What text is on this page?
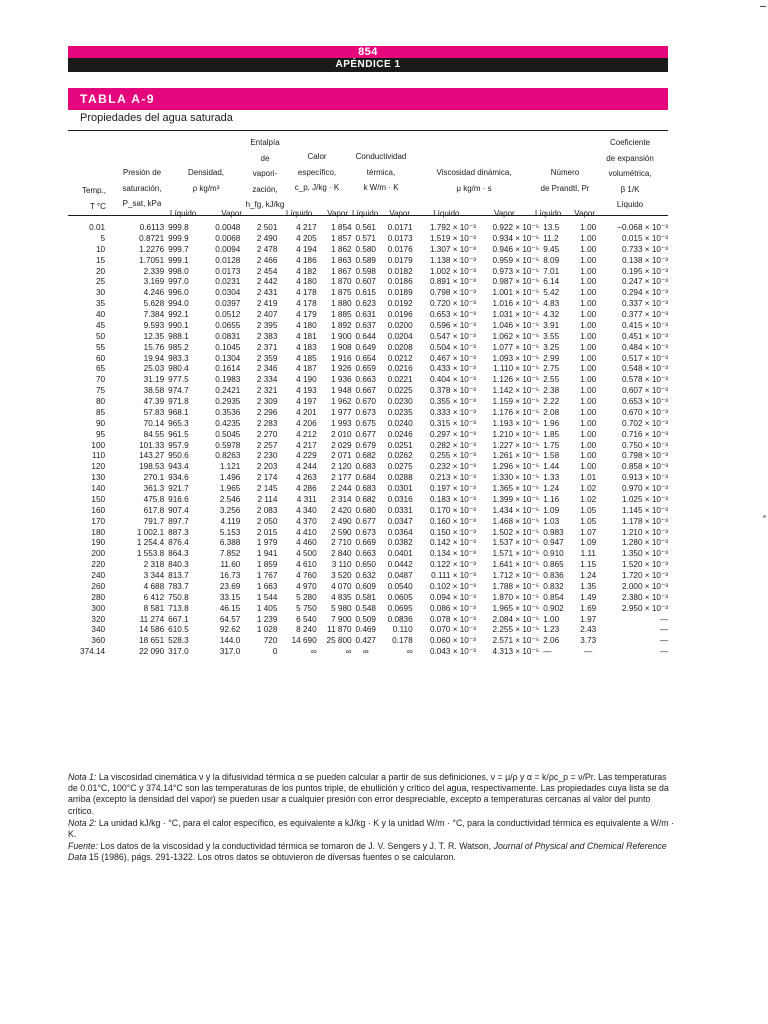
854
APÉNDICE 1
TABLA A-9
Propiedades del agua saturada
Temp.,
T °C
Presión de
saturación,
P_sat, kPa
Densidad,
ρ kg/m³
Líquido	Vapor
Entalpía
de
vapori-
zación,
h_fg, kJ/kg
Calor
específico,
c_p, J/kg · K
Líquido Vapor
Conductividad
térmica,
k W/m · K
Líquido Vapor
Viscosidad dinámica,
μ kg/m · s
Líquido	Vapor
Número
de Prandtl, Pr
Líquido Vapor
Coeficiente
de expansión
volumétrica,
β 1/K
Líquido
0.01	0.6113	999.8	0.0048	2 501	4 217	1 854	0.561	0.0171	1.792 × 10⁻³	0.922 × 10⁻⁵	13.5	1.00	−0.068 × 10⁻³
5	0.8721	999.9	0.0068	2 490	4 205	1 857	0.571	0.0173	1.519 × 10⁻³	0.934 × 10⁻⁵	11.2	1.00	0.015 × 10⁻³
10	1.2276	999.7	0.0094	2 478	4 194	1 862	0.580	0.0176	1.307 × 10⁻³	0.946 × 10⁻⁵	9.45	1.00	0.733 × 10⁻³
15	1.7051	999.1	0.0128	2 466	4 186	1 863	0.589	0.0179	1.138 × 10⁻³	0.959 × 10⁻⁵	8.09	1.00	0.138 × 10⁻³
20	2.339	998.0	0.0173	2 454	4 182	1 867	0.598	0.0182	1.002 × 10⁻³	0.973 × 10⁻⁵	7.01	1.00	0.195 × 10⁻³
25	3.169	997.0	0.0231	2 442	4 180	1 870	0.607	0.0186	0.891 × 10⁻³	0.987 × 10⁻⁵	6.14	1.00	0.247 × 10⁻³
30	4.246	996.0	0.0304	2 431	4 178	1 875	0.615	0.0189	0.798 × 10⁻³	1.001 × 10⁻⁵	5.42	1.00	0.294 × 10⁻³
35	5.628	994.0	0.0397	2 419	4 178	1 880	0.623	0.0192	0.720 × 10⁻³	1.016 × 10⁻⁵	4.83	1.00	0.337 × 10⁻³
40	7.384	992.1	0.0512	2 407	4 179	1 885	0.631	0.0196	0.653 × 10⁻³	1.031 × 10⁻⁵	4.32	1.00	0.377 × 10⁻³
45	9.593	990.1	0.0655	2 395	4 180	1 892	0.637	0.0200	0.596 × 10⁻³	1.046 × 10⁻⁵	3.91	1.00	0.415 × 10⁻³
50	12.35	988.1	0.0831	2 383	4 181	1 900	0.644	0.0204	0.547 × 10⁻³	1.062 × 10⁻⁵	3.55	1.00	0.451 × 10⁻³
55	15.76	985.2	0.1045	2 371	4 183	1 908	0.649	0.0208	0.504 × 10⁻³	1.077 × 10⁻⁵	3.25	1.00	0.484 × 10⁻³
60	19.94	983.3	0.1304	2 359	4 185	1 916	0.654	0.0212	0.467 × 10⁻³	1.093 × 10⁻⁵	2.99	1.00	0.517 × 10⁻³
65	25.03	980.4	0.1614	2 346	4 187	1 926	0.659	0.0216	0.433 × 10⁻³	1.110 × 10⁻⁵	2.75	1.00	0.548 × 10⁻³
70	31.19	977.5	0.1983	2 334	4 190	1 936	0.663	0.0221	0.404 × 10⁻³	1.126 × 10⁻⁵	2.55	1.00	0.578 × 10⁻³
75	38.58	974.7	0.2421	2 321	4 193	1 948	0.667	0.0225	0.378 × 10⁻³	1.142 × 10⁻⁵	2.38	1.00	0.607 × 10⁻³
80	47.39	971.8	0.2935	2 309	4 197	1 962	0.670	0.0230	0.355 × 10⁻³	1.159 × 10⁻⁵	2.22	1.00	0.653 × 10⁻³
85	57.83	968.1	0.3536	2 296	4 201	1 977	0.673	0.0235	0.333 × 10⁻³	1.176 × 10⁻⁵	2.08	1.00	0.670 × 10⁻³
90	70.14	965.3	0.4235	2 283	4 206	1 993	0.675	0.0240	0.315 × 10⁻³	1.193 × 10⁻⁵	1.96	1.00	0.702 × 10⁻³
95	84.55	961.5	0.5045	2 270	4 212	2 010	0.677	0.0246	0.297 × 10⁻³	1.210 × 10⁻⁵	1.85	1.00	0.716 × 10⁻³
100	101.33	957.9	0.5978	2 257	4 217	2 029	0.679	0.0251	0.282 × 10⁻³	1.227 × 10⁻⁵	1.75	1.00	0.750 × 10⁻³
110	143.27	950.6	0.8263	2 230	4 229	2 071	0.682	0.0262	0.255 × 10⁻³	1.261 × 10⁻⁵	1.58	1.00	0.798 × 10⁻³
120	198.53	943.4	1.121	2 203	4 244	2 120	0.683	0.0275	0.232 × 10⁻³	1.296 × 10⁻⁵	1.44	1.00	0.858 × 10⁻³
130	270.1	934.6	1.496	2 174	4 263	2 177	0.684	0.0288	0.213 × 10⁻³	1.330 × 10⁻⁵	1.33	1.01	0.913 × 10⁻³
140	361.3	921.7	1.965	2 145	4 286	2 244	0.683	0.0301	0.197 × 10⁻³	1.365 × 10⁻⁵	1.24	1.02	0.970 × 10⁻³
150	475.8	916.6	2.546	2 114	4 311	2 314	0.682	0.0316	0.183 × 10⁻³	1.399 × 10⁻⁵	1.16	1.02	1.025 × 10⁻³
160	617.8	907.4	3.256	2 083	4 340	2 420	0.680	0.0331	0.170 × 10⁻³	1.434 × 10⁻⁵	1.09	1.05	1.145 × 10⁻³
170	791.7	897.7	4.119	2 050	4 370	2 490	0.677	0.0347	0.160 × 10⁻³	1.468 × 10⁻⁵	1.03	1.05	1.178 × 10⁻³
180	1 002.1	887.3	5.153	2 015	4 410	2 590	0.673	0.0364	0.150 × 10⁻³	1.502 × 10⁻⁵	0.983	1.07	1.210 × 10⁻³
190	1 254.4	876.4	6.388	1 979	4 460	2 710	0.669	0.0382	0.142 × 10⁻³	1.537 × 10⁻⁵	0.947	1.09	1.280 × 10⁻³
200	1 553.8	864.3	7.852	1 941	4 500	2 840	0.663	0.0401	0.134 × 10⁻³	1.571 × 10⁻⁵	0.910	1.11	1.350 × 10⁻³
220	2 318	840.3	11.60	1 859	4 610	3 110	0.650	0.0442	0.122 × 10⁻³	1.641 × 10⁻⁵	0.865	1.15	1.520 × 10⁻³
240	3 344	813.7	16.73	1 767	4 760	3 520	0.632	0.0487	0.111 × 10⁻³	1.712 × 10⁻⁵	0.836	1.24	1.720 × 10⁻³
260	4 688	783.7	23.69	1 663	4 970	4 070	0.609	0.0540	0.102 × 10⁻³	1.788 × 10⁻⁵	0.832	1.35	2.000 × 10⁻³
280	6 412	750.8	33.15	1 544	5 280	4 835	0.581	0.0605	0.094 × 10⁻³	1.870 × 10⁻⁵	0.854	1.49	2.380 × 10⁻³
300	8 581	713.8	46.15	1 405	5 750	5 980	0.548	0.0695	0.086 × 10⁻³	1.965 × 10⁻⁵	0.902	1.69	2.950 × 10⁻³
320	11 274	667.1	64.57	1 239	6 540	7 900	0.509	0.0836	0.078 × 10⁻³	2.084 × 10⁻⁵	1.00	1.97	—
340	14 586	610.5	92.62	1 028	8 240	11 870	0.469	0.110	0.070 × 10⁻³	2.255 × 10⁻⁵	1.23	2.43	—
360	18 651	528.3	144.0	720	14 690	25 800	0.427	0.178	0.060 × 10⁻³	2.571 × 10⁻⁵	2.06	3.73	—
374.14	22 090	317.0	317.0	0	∞	∞	∞	∞	0.043 × 10⁻³	4.313 × 10⁻⁵	—	—	—

Nota 1: La viscosidad cinemática ν y la difusividad térmica α se pueden calcular a partir de sus definiciones, ν = μ/ρ y α = k/ρc_p = ν/Pr. Las temperaturas de 0.01°C, 100°C y 374.14°C son las temperaturas de los puntos triple, de ebullición y crítico del agua, respectivamente. Las propiedades cuya lista se da arriba (excepto la densidad del vapor) se pueden usar a cualquier presión con error despreciable, excepto a temperaturas cercanas al valor del punto crítico.

Nota 2: La unidad kJ/kg · °C, para el calor específico, es equivalente a kJ/kg · K y la unidad W/m · °C, para la conductividad térmica es equivalente a W/m · K.

Fuente: Los datos de la viscosidad y la conductividad térmica se tomaron de J. V. Sengers y J. T. R. Watson, Journal of Physical and Chemical Reference Data 15 (1986), págs. 291-1322. Los otros datos se obtuvieron de diversas fuentes o se calcularon.
